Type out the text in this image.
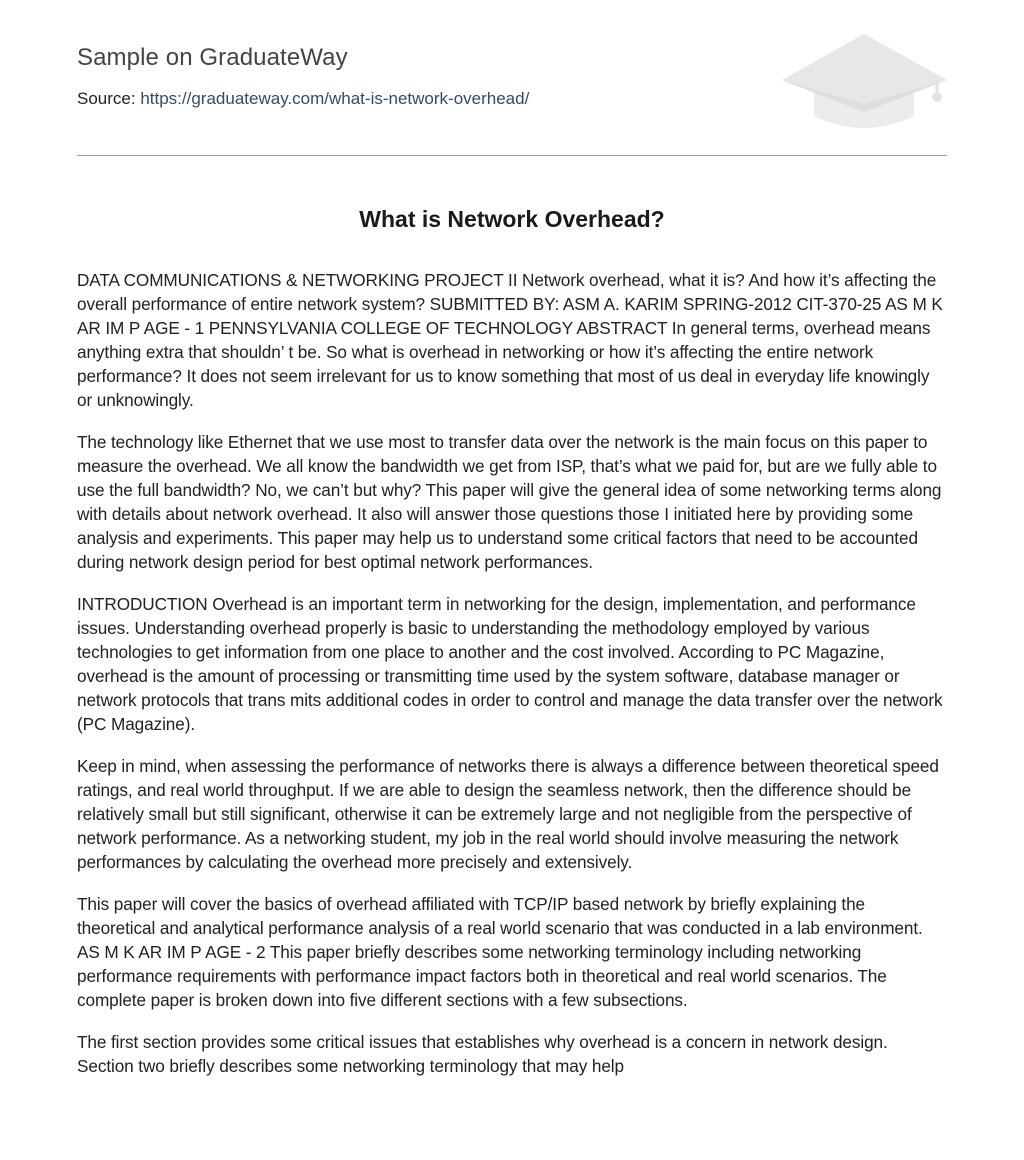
Sample on GraduateWay
Source: https://graduateway.com/what-is-network-overhead/
What is Network Overhead?

DATA COMMUNICATIONS & NETWORKING PROJECT II Network overhead, what it is? And how it’s affecting the overall performance of entire network system? SUBMITTED BY: ASM A. KARIM SPRING-2012 CIT-370-25 AS M K AR IM P AGE - 1 PENNSYLVANIA COLLEGE OF TECHNOLOGY ABSTRACT In general terms, overhead means anything extra that shouldn’ t be. So what is overhead in networking or how it’s affecting the entire network performance? It does not seem irrelevant for us to know something that most of us deal in everyday life knowingly or unknowingly.

The technology like Ethernet that we use most to transfer data over the network is the main focus on this paper to measure the overhead. We all know the bandwidth we get from ISP, that’s what we paid for, but are we fully able to use the full bandwidth? No, we can’t but why? This paper will give the general idea of some networking terms along with details about network overhead. It also will answer those questions those I initiated here by providing some analysis and experiments. This paper may help us to understand some critical factors that need to be accounted during network design period for best optimal network performances.

INTRODUCTION Overhead is an important term in networking for the design, implementation, and performance issues. Understanding overhead properly is basic to understanding the methodology employed by various technologies to get information from one place to another and the cost involved. According to PC Magazine, overhead is the amount of processing or transmitting time used by the system software, database manager or network protocols that trans mits additional codes in order to control and manage the data transfer over the network (PC Magazine).

Keep in mind, when assessing the performance of networks there is always a difference between theoretical speed ratings, and real world throughput. If we are able to design the seamless network, then the difference should be relatively small but still significant, otherwise it can be extremely large and not negligible from the perspective of network performance. As a networking student, my job in the real world should involve measuring the network performances by calculating the overhead more precisely and extensively.

This paper will cover the basics of overhead affiliated with TCP/IP based network by briefly explaining the theoretical and analytical performance analysis of a real world scenario that was conducted in a lab environment. AS M K AR IM P AGE - 2 This paper briefly describes some networking terminology including networking performance requirements with performance impact factors both in theoretical and real world scenarios. The complete paper is broken down into five different sections with a few subsections.

The first section provides some critical issues that establishes why overhead is a concern in network design. Section two briefly describes some networking terminology that may help
